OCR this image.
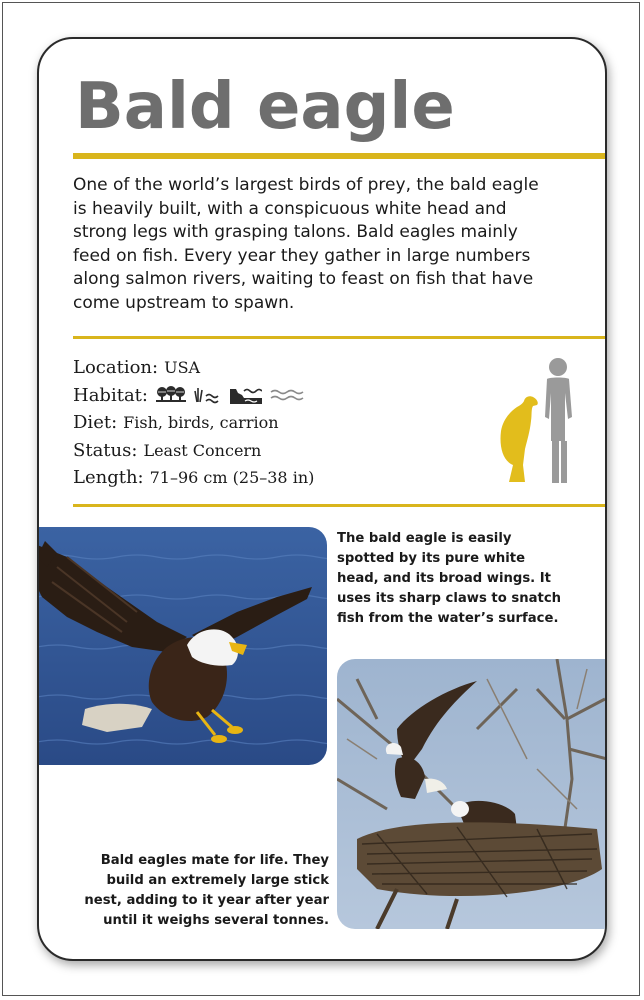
Bald eagle

One of the world’s largest birds of prey, the bald eagle is heavily built, with a conspicuous white head and strong legs with grasping talons. Bald eagles mainly feed on fish. Every year they gather in large numbers along salmon rivers, waiting to feast on fish that have come upstream to spawn.

Location: USA
Habitat:
Diet: Fish, birds, carrion
Status: Least Concern
Length: 71–96 cm (25–38 in)

The bald eagle is easily spotted by its pure white head, and its broad wings. It uses its sharp claws to snatch fish from the water’s surface.

Bald eagles mate for life. They build an extremely large stick nest, adding to it year after year until it weighs several tonnes.
